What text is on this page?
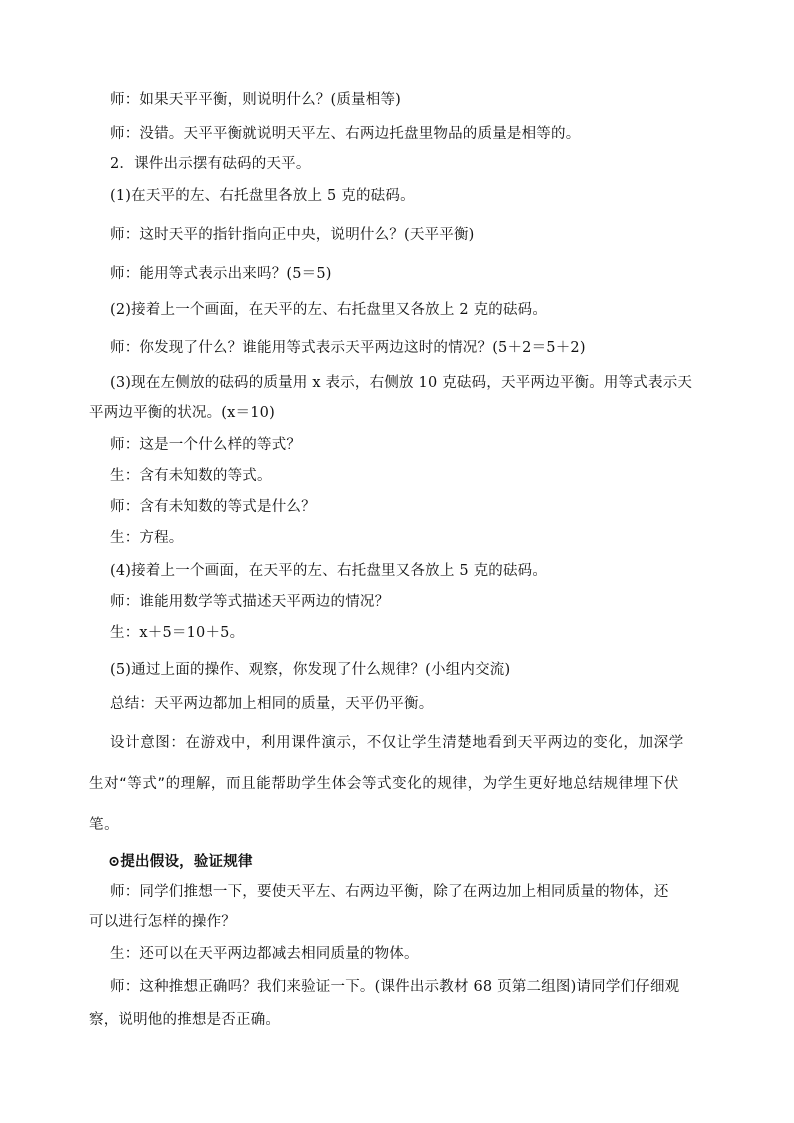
师：如果天平平衡，则说明什么？(质量相等)
师：没错。天平平衡就说明天平左、右两边托盘里物品的质量是相等的。
2．课件出示摆有砝码的天平。
(1)在天平的左、右托盘里各放上 5 克的砝码。
师：这时天平的指针指向正中央，说明什么？(天平平衡)
师：能用等式表示出来吗？(5＝5)
(2)接着上一个画面，在天平的左、右托盘里又各放上 2 克的砝码。
师：你发现了什么？谁能用等式表示天平两边这时的情况？(5＋2＝5＋2)
(3)现在左侧放的砝码的质量用 x 表示，右侧放 10 克砝码，天平两边平衡。用等式表示天
平两边平衡的状况。(x＝10)
师：这是一个什么样的等式？
生：含有未知数的等式。
师：含有未知数的等式是什么？
生：方程。
(4)接着上一个画面，在天平的左、右托盘里又各放上 5 克的砝码。
师：谁能用数学等式描述天平两边的情况？
生：x＋5＝10＋5。
(5)通过上面的操作、观察，你发现了什么规律？(小组内交流)
总结：天平两边都加上相同的质量，天平仍平衡。
设计意图：在游戏中，利用课件演示，不仅让学生清楚地看到天平两边的变化，加深学
生对“等式”的理解，而且能帮助学生体会等式变化的规律，为学生更好地总结规律埋下伏
笔。
⊙提出假设，验证规律
师：同学们推想一下，要使天平左、右两边平衡，除了在两边加上相同质量的物体，还
可以进行怎样的操作？
生：还可以在天平两边都减去相同质量的物体。
师：这种推想正确吗？我们来验证一下。(课件出示教材 68 页第二组图)请同学们仔细观
察，说明他的推想是否正确。
